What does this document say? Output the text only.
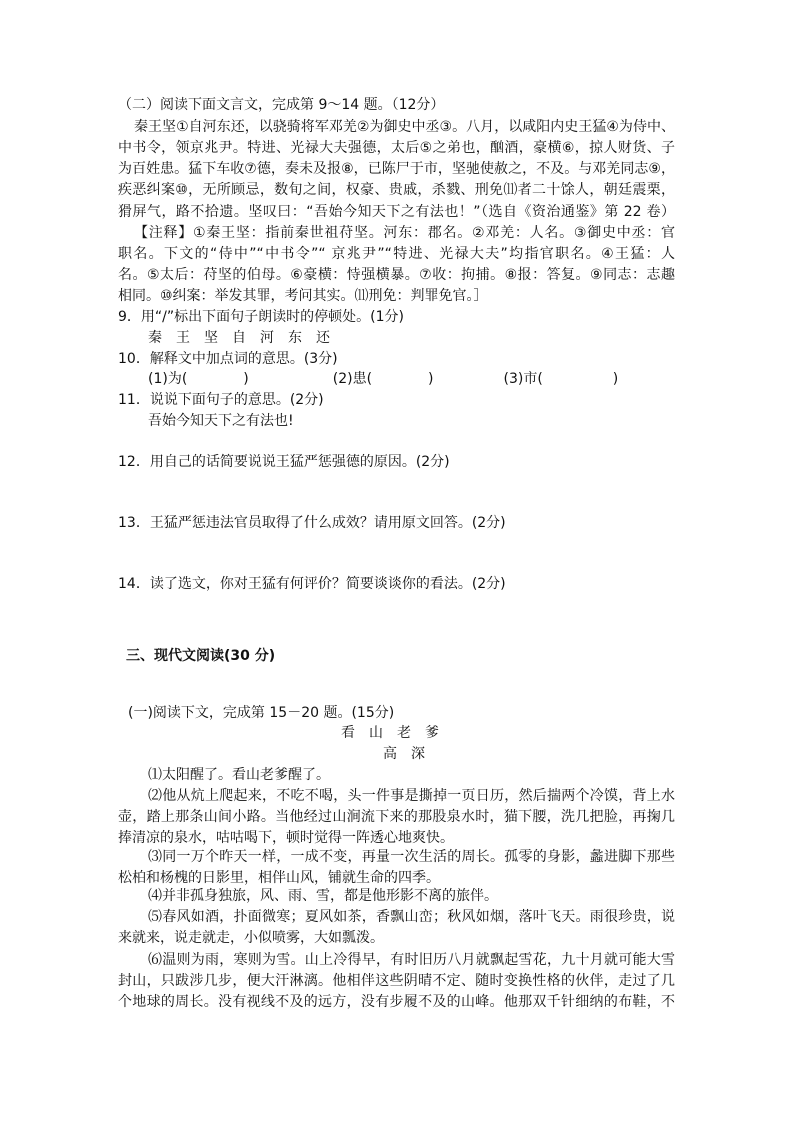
（二）阅读下面文言文，完成第 9～14 题。（12分）
秦王坚①自河东还，以骁骑将军邓羌②为御史中丞③。八月，以咸阳内史王猛④为侍中、
中书令，领京兆尹。特进、光禄大夫强德，太后⑤之弟也，酗酒，豪横⑥，掠人财货、子
为百姓患。猛下车收⑦德，奏未及报⑧，已陈尸于市，坚驰使赦之，不及。与邓羌同志⑨，
疾恶纠案⑩，无所顾忌，数旬之间，权豪、贵戚，杀戮、刑免⑾者二十馀人，朝廷震栗，
猾屏气，路不拾遗。坚叹曰：“吾始今知天下之有法也！”（选自《资治通鉴》第 22 卷）
【注释】①秦王坚：指前秦世祖苻坚。河东：郡名。②邓羌：人名。③御史中丞：官
职名。下文的“侍中”“中书令”“ 京兆尹”“特进、光禄大夫”均指官职名。④王猛：人
名。⑤太后：苻坚的伯母。⑥豪横：恃强横暴。⑦收：拘捕。⑧报：答复。⑨同志：志趣
相同。⑩纠案：举发其罪，考问其实。⑾刑免：判罪免官。］
9．用“/”标出下面句子朗读时的停顿处。(1分)
秦　王　坚　自　河　东　还
10．解释文中加点词的意思。(3分)
(1)为(　　　　)　　　　　　(2)患(　　　　)　　　　　(3)市(　　　　　)
11．说说下面句子的意思。(2分)
吾始今知天下之有法也!
12．用自己的话简要说说王猛严惩强德的原因。(2分)
13．王猛严惩违法官员取得了什么成效？请用原文回答。(2分)
14．读了选文，你对王猛有何评价？简要谈谈你的看法。(2分)
三、现代文阅读(30 分)
(一)阅读下文，完成第 15－20 题。(15分)
看山老爹
高深
⑴太阳醒了。看山老爹醒了。
⑵他从炕上爬起来，不吃不喝，头一件事是撕掉一页日历，然后揣两个冷馍，背上水
壶，踏上那条山间小路。当他经过山涧流下来的那股泉水时，猫下腰，洗几把脸，再掬几
捧清凉的泉水，咕咕喝下，顿时觉得一阵透心地爽快。
⑶同一万个昨天一样，一成不变，再量一次生活的周长。孤零的身影，蠡进脚下那些
松柏和杨槐的日影里，相伴山风，铺就生命的四季。
⑷并非孤身独旅，风、雨、雪，都是他形影不离的旅伴。
⑸春风如酒，扑面微寒；夏风如茶，香飘山峦；秋风如烟，落叶飞天。雨很珍贵，说
来就来，说走就走，小似喷雾，大如瓢泼。
⑹温则为雨，寒则为雪。山上冷得早，有时旧历八月就飘起雪花，九十月就可能大雪
封山，只跋涉几步，便大汗淋漓。他相伴这些阴晴不定、随时变换性格的伙伴，走过了几
个地球的周长。没有视线不及的远方，没有步履不及的山峰。他那双千针细纳的布鞋，不
